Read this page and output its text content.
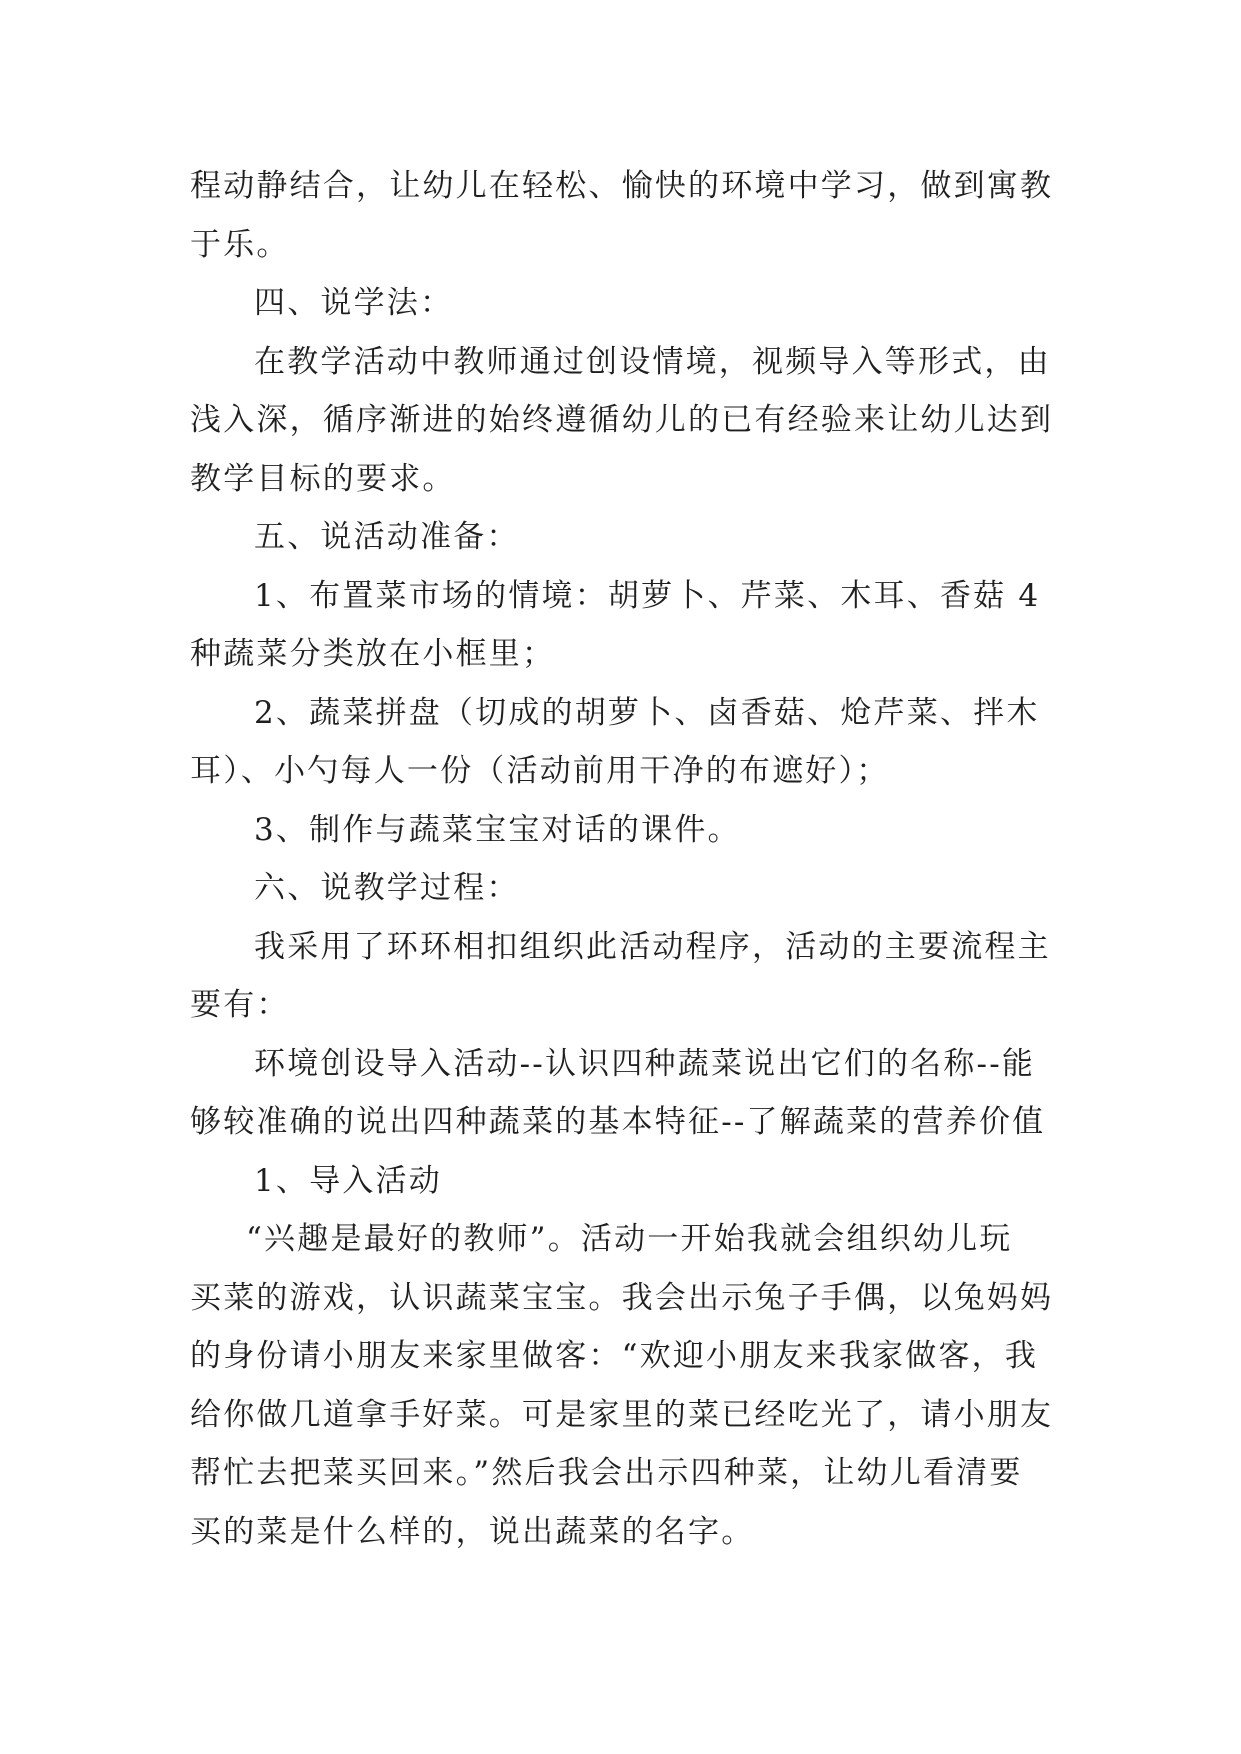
程动静结合，让幼儿在轻松、愉快的环境中学习，做到寓教
于乐。
四、说学法：
在教学活动中教师通过创设情境，视频导入等形式，由
浅入深，循序渐进的始终遵循幼儿的已有经验来让幼儿达到
教学目标的要求。
五、说活动准备：
1、布置菜市场的情境：胡萝卜、芹菜、木耳、香菇 4
种蔬菜分类放在小框里；
2、蔬菜拼盘（切成的胡萝卜、卤香菇、炝芹菜、拌木
耳）、小勺每人一份（活动前用干净的布遮好）；
3、制作与蔬菜宝宝对话的课件。
六、说教学过程：
我采用了环环相扣组织此活动程序，活动的主要流程主
要有：
环境创设导入活动--认识四种蔬菜说出它们的名称--能
够较准确的说出四种蔬菜的基本特征--了解蔬菜的营养价值
1、导入活动
“兴趣是最好的教师”。活动一开始我就会组织幼儿玩
买菜的游戏，认识蔬菜宝宝。我会出示兔子手偶，以兔妈妈
的身份请小朋友来家里做客：“欢迎小朋友来我家做客，我
给你做几道拿手好菜。可是家里的菜已经吃光了，请小朋友
帮忙去把菜买回来。”然后我会出示四种菜，让幼儿看清要
买的菜是什么样的，说出蔬菜的名字。
